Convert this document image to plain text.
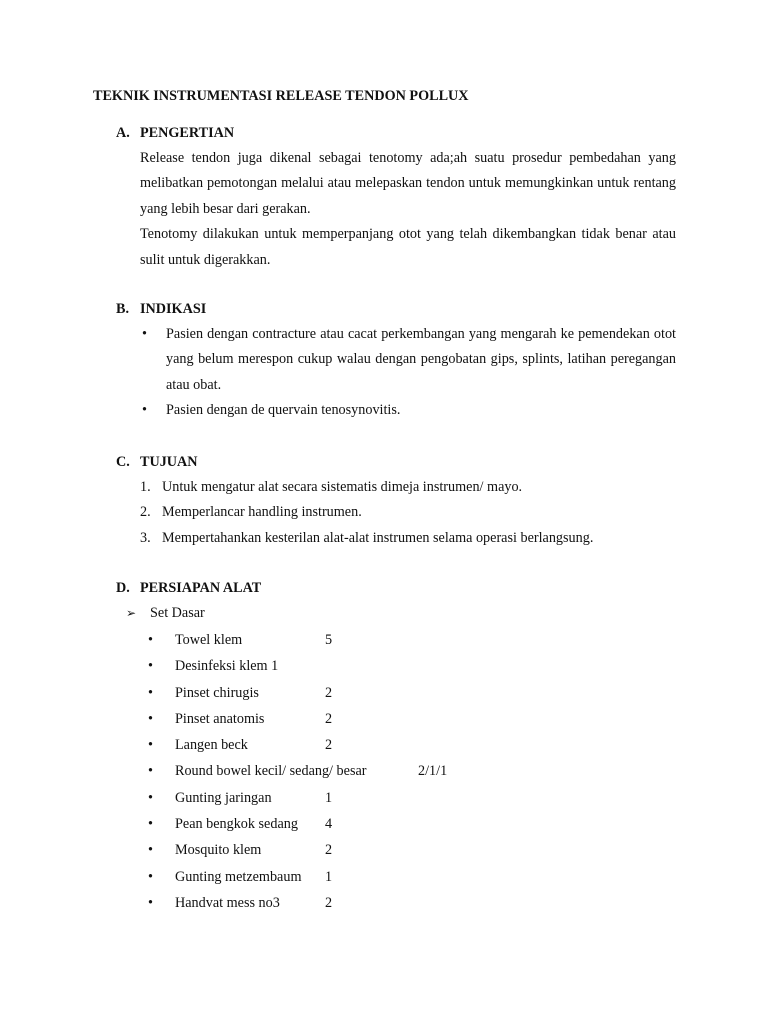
TEKNIK INSTRUMENTASI RELEASE TENDON POLLUX
A. PENGERTIAN

Release tendon juga dikenal sebagai tenotomy ada;ah suatu prosedur pembedahan yang melibatkan pemotongan melalui atau melepaskan tendon untuk memungkinkan untuk rentang yang lebih besar dari gerakan.

Tenotomy dilakukan untuk memperpanjang otot yang telah dikembangkan tidak benar atau sulit untuk digerakkan.

B. INDIKASI
• Pasien dengan contracture atau cacat perkembangan yang mengarah ke pemendekan otot yang belum merespon cukup walau dengan pengobatan gips, splints, latihan peregangan atau obat.
• Pasien dengan de quervain tenosynovitis.
C. TUJUAN
1. Untuk mengatur alat secara sistematis dimeja instrumen/ mayo.
2. Memperlancar handling instrumen.
3. Mempertahankan kesterilan alat-alat instrumen selama operasi berlangsung.
D. PERSIAPAN ALAT
➢ Set Dasar
• Towel klem	5
• Desinfeksi klem 1
• Pinset chirugis	2
• Pinset anatomis	2
• Langen beck	2
• Round bowel kecil/ sedang/ besar	2/1/1
• Gunting jaringan	1
• Pean bengkok sedang 4
• Mosquito klem	2
• Gunting metzembaum 1
• Handvat mess no3	2
